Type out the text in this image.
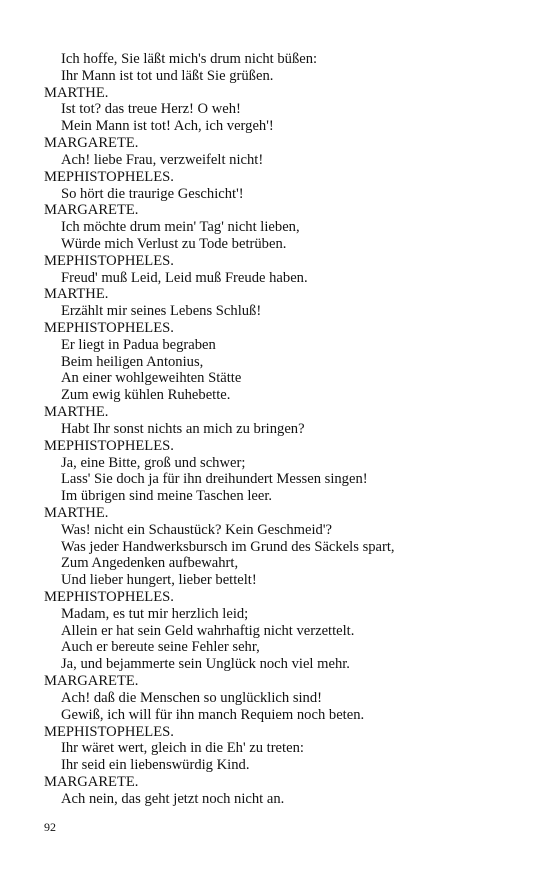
Ich hoffe, Sie läßt mich's drum nicht büßen:
Ihr Mann ist tot und läßt Sie grüßen.
MARTHE.
Ist tot? das treue Herz! O weh!
Mein Mann ist tot! Ach, ich vergeh'!
MARGARETE.
Ach! liebe Frau, verzweifelt nicht!
MEPHISTOPHELES.
So hört die traurige Geschicht'!
MARGARETE.
Ich möchte drum mein' Tag' nicht lieben,
Würde mich Verlust zu Tode betrüben.
MEPHISTOPHELES.
Freud' muß Leid, Leid muß Freude haben.
MARTHE.
Erzählt mir seines Lebens Schluß!
MEPHISTOPHELES.
Er liegt in Padua begraben
Beim heiligen Antonius,
An einer wohlgeweihten Stätte
Zum ewig kühlen Ruhebette.
MARTHE.
Habt Ihr sonst nichts an mich zu bringen?
MEPHISTOPHELES.
Ja, eine Bitte, groß und schwer;
Lass' Sie doch ja für ihn dreihundert Messen singen!
Im übrigen sind meine Taschen leer.
MARTHE.
Was! nicht ein Schaustück? Kein Geschmeid'?
Was jeder Handwerksbursch im Grund des Säckels spart,
Zum Angedenken aufbewahrt,
Und lieber hungert, lieber bettelt!
MEPHISTOPHELES.
Madam, es tut mir herzlich leid;
Allein er hat sein Geld wahrhaftig nicht verzettelt.
Auch er bereute seine Fehler sehr,
Ja, und bejammerte sein Unglück noch viel mehr.
MARGARETE.
Ach! daß die Menschen so unglücklich sind!
Gewiß, ich will für ihn manch Requiem noch beten.
MEPHISTOPHELES.
Ihr wäret wert, gleich in die Eh' zu treten:
Ihr seid ein liebenswürdig Kind.
MARGARETE.
Ach nein, das geht jetzt noch nicht an.
92
